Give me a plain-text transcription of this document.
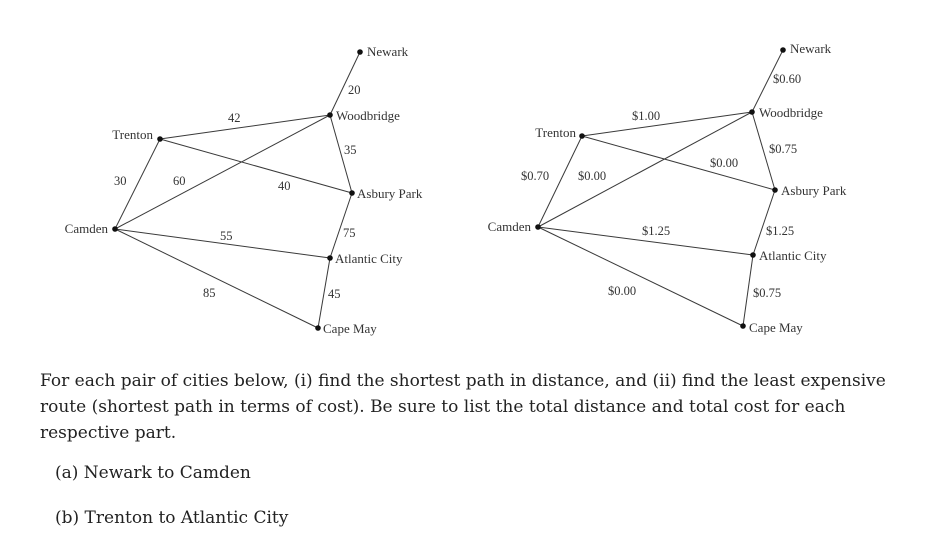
Newark
Woodbridge
Trenton
Asbury Park
Camden
Atlantic City
Cape May
20
42
35
30	60	40
55	75
85	45
Newark
Woodbridge
Trenton
Asbury Park
Camden
Atlantic City
Cape May
$0.60
$1.00
$0.75
$0.70 $0.00
$0.00
$1.25	$1.25
$0.00	$0.75
For each pair of cities below, (i) find the shortest path in distance, and (ii) find the least expensive route (shortest path in terms of cost). Be sure to list the total distance and total cost for each respective part.
(a) Newark to Camden
(b) Trenton to Atlantic City
